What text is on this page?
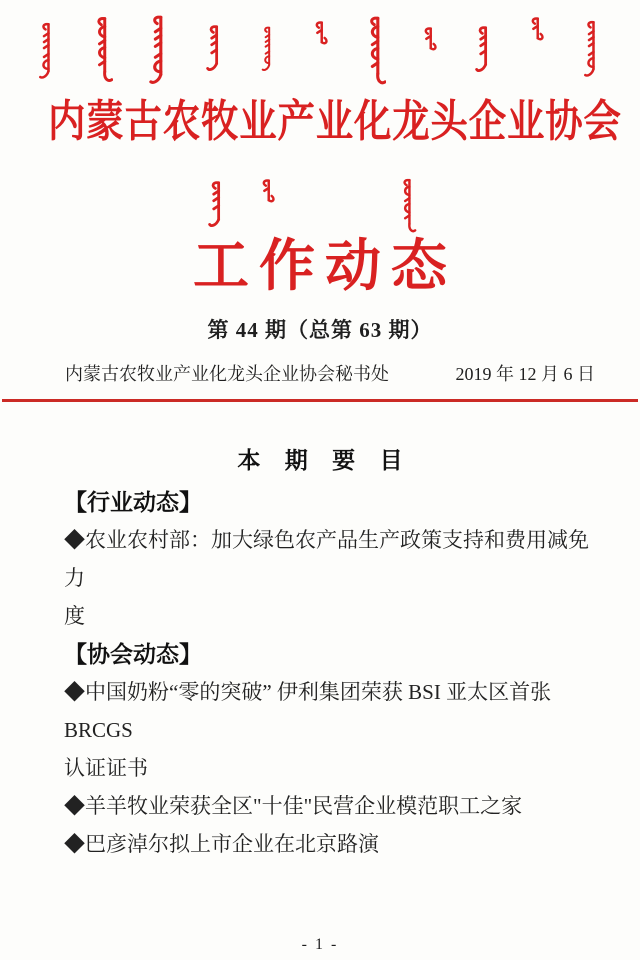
内蒙古农牧业产业化龙头企业协会
工作动态
第 44 期（总第 63 期）
内蒙古农牧业产业化龙头企业协会秘书处	2019 年 12 月 6 日
本 期 要 目
【行业动态】
◆农业农村部：加大绿色农产品生产政策支持和费用减免力
度
【协会动态】
◆中国奶粉“零的突破” 伊利集团荣获 BSI 亚太区首张 BRCGS
认证证书
◆羊羊牧业荣获全区"十佳"民营企业模范职工之家
◆巴彦淖尔拟上市企业在北京路演
- 1 -
